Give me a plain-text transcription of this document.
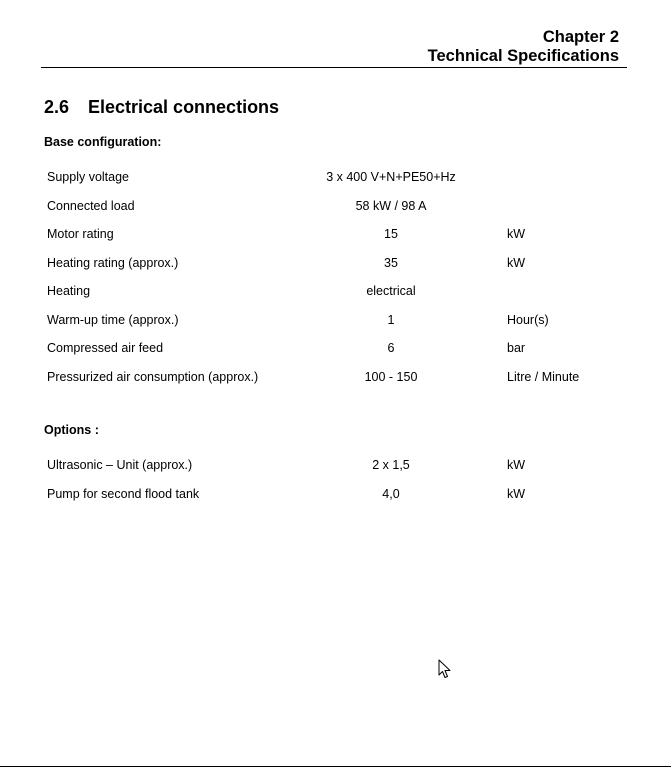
Chapter 2
Technical Specifications
2.6 Electrical connections
Base configuration:
Supply voltage	3 x 400 V+N+PE50+Hz
Connected load	58 kW / 98 A
Motor rating	15	kW
Heating rating (approx.)	35	kW
Heating	electrical
Warm-up time (approx.)	1	Hour(s)
Compressed air feed	6	bar
Pressurized air consumption (approx.)	100 - 150	Litre / Minute
Options :
Ultrasonic – Unit (approx.)	2 x 1,5	kW
Pump for second flood tank	4,0	kW
